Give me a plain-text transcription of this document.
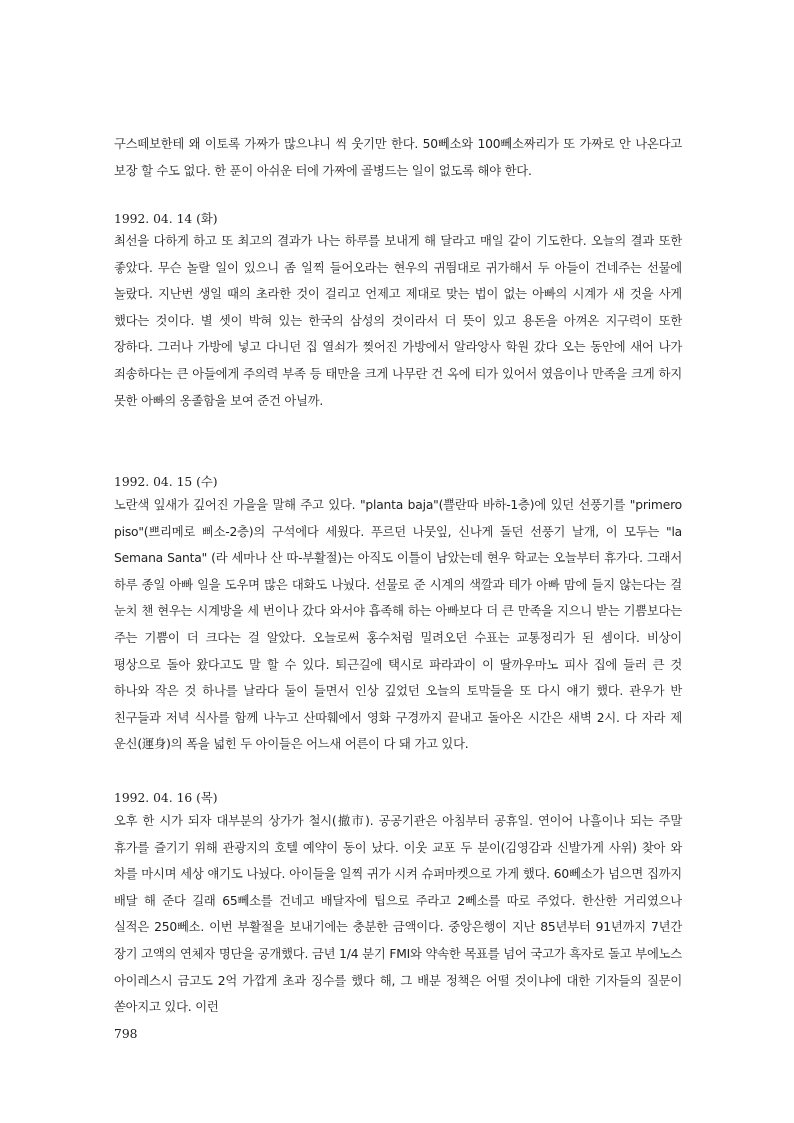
구스떼보한테 왜 이토록 가짜가 많으냐니 씩 웃기만 한다. 50뻬소와 100뻬소짜리가 또 가짜로 안 나온다고 보장 할 수도 없다. 한 푼이 아쉬운 터에 가짜에 골병드는 일이 없도록 해야 한다.

1992. 04. 14 (화)

최선을 다하게 하고 또 최고의 결과가 나는 하루를 보내게 해 달라고 매일 같이 기도한다. 오늘의 결과 또한 좋았다. 무슨 놀랄 일이 있으니 좀 일찍 들어오라는 현우의 귀띔대로 귀가해서 두 아들이 건네주는 선물에 놀랐다. 지난번 생일 때의 초라한 것이 걸리고 언제고 제대로 맞는 법이 없는 아빠의 시계가 새 것을 사게 했다는 것이다. 별 셋이 박혀 있는 한국의 삼성의 것이라서 더 뜻이 있고 용돈을 아껴온 지구력이 또한 장하다. 그러나 가방에 넣고 다니던 집 열쇠가 찢어진 가방에서 알라앙사 학원 갔다 오는 동안에 새어 나가 죄송하다는 큰 아들에게 주의력 부족 등 태만을 크게 나무란 건 옥에 티가 있어서 였음이나 만족을 크게 하지 못한 아빠의 옹졸함을 보여 준건 아닐까.

1992. 04. 15 (수)

노란색 잎새가 깊어진 가을을 말해 주고 있다. "planta baja"(쁠란따 바하-1층)에 있던 선풍기를 "primero piso"(쁘리메로 삐소-2층)의 구석에다 세웠다. 푸르던 나뭇잎, 신나게 돌던 선풍기 날개, 이 모두는 "la Semana Santa" (라 세마나 산 따-부활절)는 아직도 이틀이 남았는데 현우 학교는 오늘부터 휴가다. 그래서 하루 종일 아빠 일을 도우며 많은 대화도 나눴다. 선물로 준 시계의 색깔과 테가 아빠 맘에 들지 않는다는 걸 눈치 챈 현우는 시계방을 세 번이나 갔다 와서야 흡족해 하는 아빠보다 더 큰 만족을 지으니 받는 기쁨보다는 주는 기쁨이 더 크다는 걸 알았다. 오늘로써 홍수처럼 밀려오던 수표는 교통정리가 된 셈이다. 비상이 평상으로 돌아 왔다고도 말 할 수 있다. 퇴근길에 택시로 파라과이 이 딸까우마노 피사 집에 들러 큰 것 하나와 작은 것 하나를 날라다 둘이 들면서 인상 깊었던 오늘의 토막들을 또 다시 얘기 했다. 관우가 반 친구들과 저녁 식사를 함께 나누고 산따훼에서 영화 구경까지 끝내고 돌아온 시간은 새벽 2시. 다 자라 제 운신(運身)의 폭을 넓힌 두 아이들은 어느새 어른이 다 돼 가고 있다.

1992. 04. 16 (목)

오후 한 시가 되자 대부분의 상가가 철시(撤市). 공공기관은 아침부터 공휴일. 연이어 나흘이나 되는 주말 휴가를 즐기기 위해 관광지의 호텔 예약이 동이 났다. 이웃 교포 두 분이(김영감과 신발가게 사위) 찾아 와 차를 마시며 세상 얘기도 나눴다. 아이들을 일찍 귀가 시켜 슈퍼마켓으로 가게 했다. 60뻬소가 넘으면 집까지 배달 해 준다 길래 65뻬소를 건네고 배달자에 팁으로 주라고 2뻬소를 따로 주었다. 한산한 거리였으나 실적은 250뻬소. 이번 부활절을 보내기에는 충분한 금액이다. 중앙은행이 지난 85년부터 91년까지 7년간 장기 고액의 연체자 명단을 공개했다. 금년 1/4 분기 FMI와 약속한 목표를 넘어 국고가 흑자로 돌고 부에노스 아이레스시 금고도 2억 가깝게 초과 징수를 했다 해, 그 배분 정책은 어떨 것이냐에 대한 기자들의 질문이 쏟아지고 있다. 이런

798
